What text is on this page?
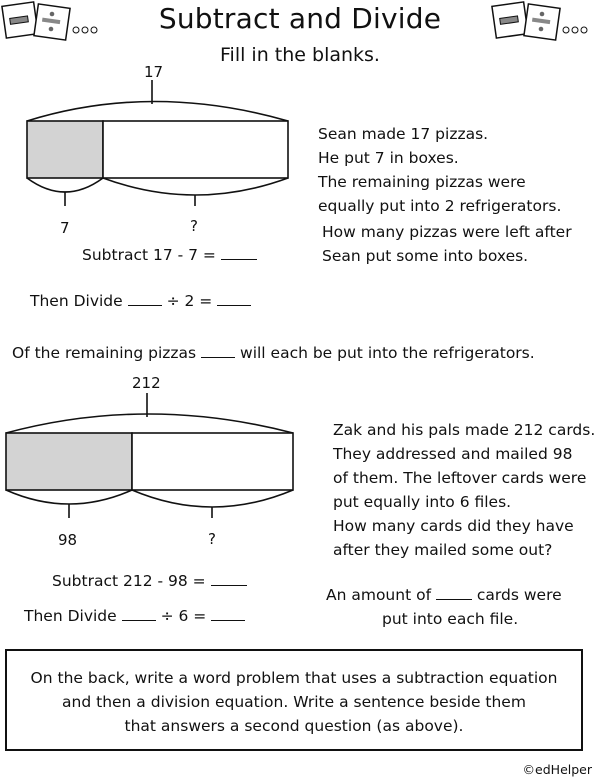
Subtract and Divide
Fill in the blanks.
17
7	?
Sean made 17 pizzas.
He put 7 in boxes.
The remaining pizzas were
equally put into 2 refrigerators.
How many pizzas were left after
Sean put some into boxes.
Subtract 17 - 7 =
Then Divide	÷ 2 =
Of the remaining pizzas	will each be put into the refrigerators.
212
98	?
Zak and his pals made 212 cards.
They addressed and mailed 98
of them. The leftover cards were
put equally into 6 files.
How many cards did they have
after they mailed some out?
Subtract 212 - 98 =
Then Divide	÷ 6 =
An amount of	cards were
put into each file.
On the back, write a word problem that uses a subtraction equation
and then a division equation. Write a sentence beside them
that answers a second question (as above).
©edHelper
